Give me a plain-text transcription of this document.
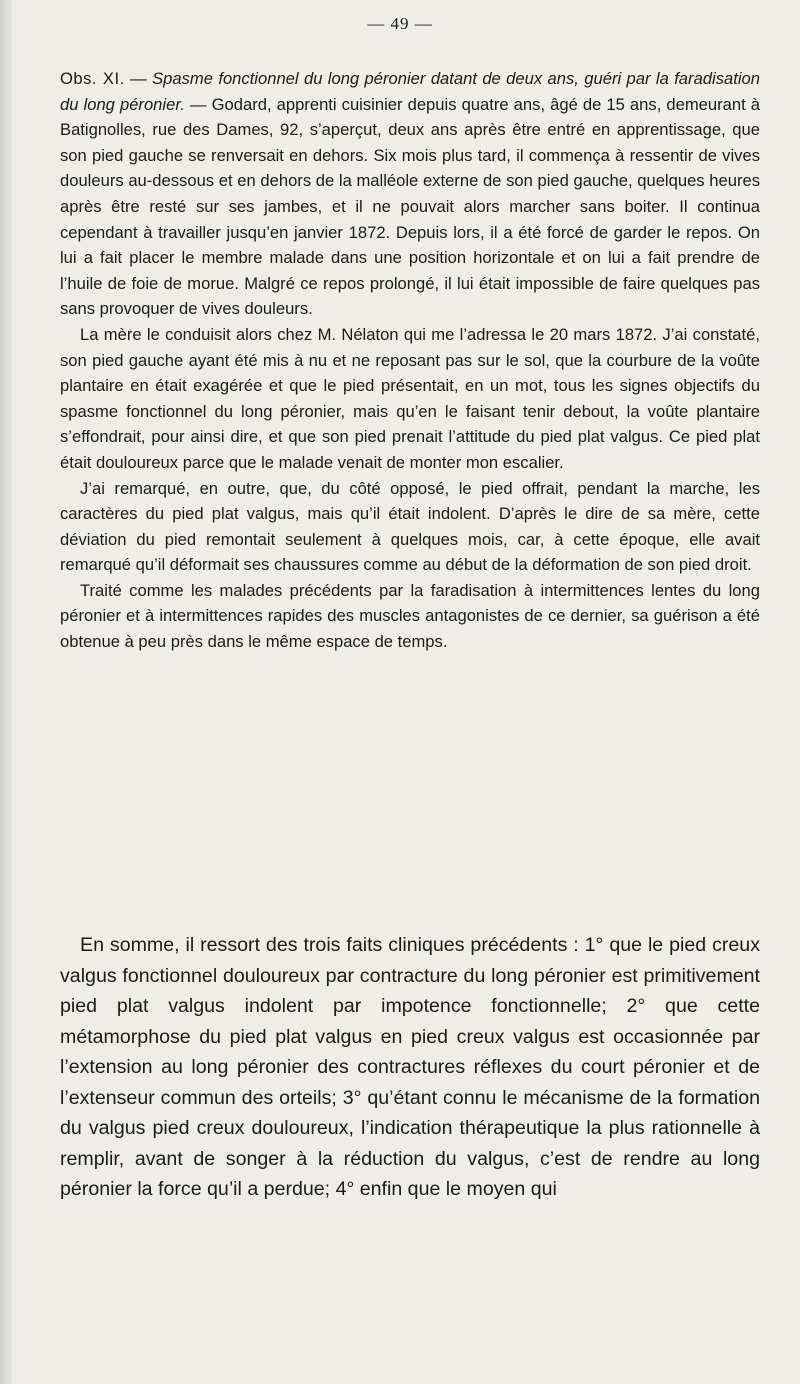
— 49 —

Obs. XI. — Spasme fonctionnel du long péronier datant de deux ans, guéri par la faradisation du long péronier. — Godard, apprenti cuisinier depuis quatre ans, âgé de 15 ans, demeurant à Batignolles, rue des Dames, 92, s’aperçut, deux ans après être entré en apprentissage, que son pied gauche se renversait en dehors. Six mois plus tard, il commença à ressentir de vives douleurs au-dessous et en dehors de la malléole externe de son pied gauche, quelques heures après être resté sur ses jambes, et il ne pouvait alors marcher sans boiter. Il continua cependant à travailler jusqu’en janvier 1872. Depuis lors, il a été forcé de garder le repos. On lui a fait placer le membre malade dans une position horizontale et on lui a fait prendre de l’huile de foie de morue. Malgré ce repos prolongé, il lui était impossible de faire quelques pas sans provoquer de vives douleurs.

La mère le conduisit alors chez M. Nélaton qui me l’adressa le 20 mars 1872. J’ai constaté, son pied gauche ayant été mis à nu et ne reposant pas sur le sol, que la courbure de la voûte plantaire en était exagérée et que le pied présentait, en un mot, tous les signes objectifs du spasme fonctionnel du long péronier, mais qu’en le faisant tenir debout, la voûte plantaire s’effondrait, pour ainsi dire, et que son pied prenait l’attitude du pied plat valgus. Ce pied plat était douloureux parce que le malade venait de monter mon escalier.

J’ai remarqué, en outre, que, du côté opposé, le pied offrait, pendant la marche, les caractères du pied plat valgus, mais qu’il était indolent. D’après le dire de sa mère, cette déviation du pied remontait seulement à quelques mois, car, à cette époque, elle avait remarqué qu’il déformait ses chaussures comme au début de la déformation de son pied droit.

Traité comme les malades précédents par la faradisation à intermittences lentes du long péronier et à intermittences rapides des muscles antagonistes de ce dernier, sa guérison a été obtenue à peu près dans le même espace de temps.

En somme, il ressort des trois faits cliniques précédents : 1° que le pied creux valgus fonctionnel douloureux par contracture du long péronier est primitivement pied plat valgus indolent par impotence fonctionnelle; 2° que cette métamorphose du pied plat valgus en pied creux valgus est occasionnée par l’extension au long péronier des contractures réflexes du court péronier et de l’extenseur commun des orteils; 3° qu’étant connu le mécanisme de la formation du valgus pied creux douloureux, l’indication thérapeutique la plus rationnelle à remplir, avant de songer à la réduction du valgus, c’est de rendre au long péronier la force qu’il a perdue; 4° enfin que le moyen qui
